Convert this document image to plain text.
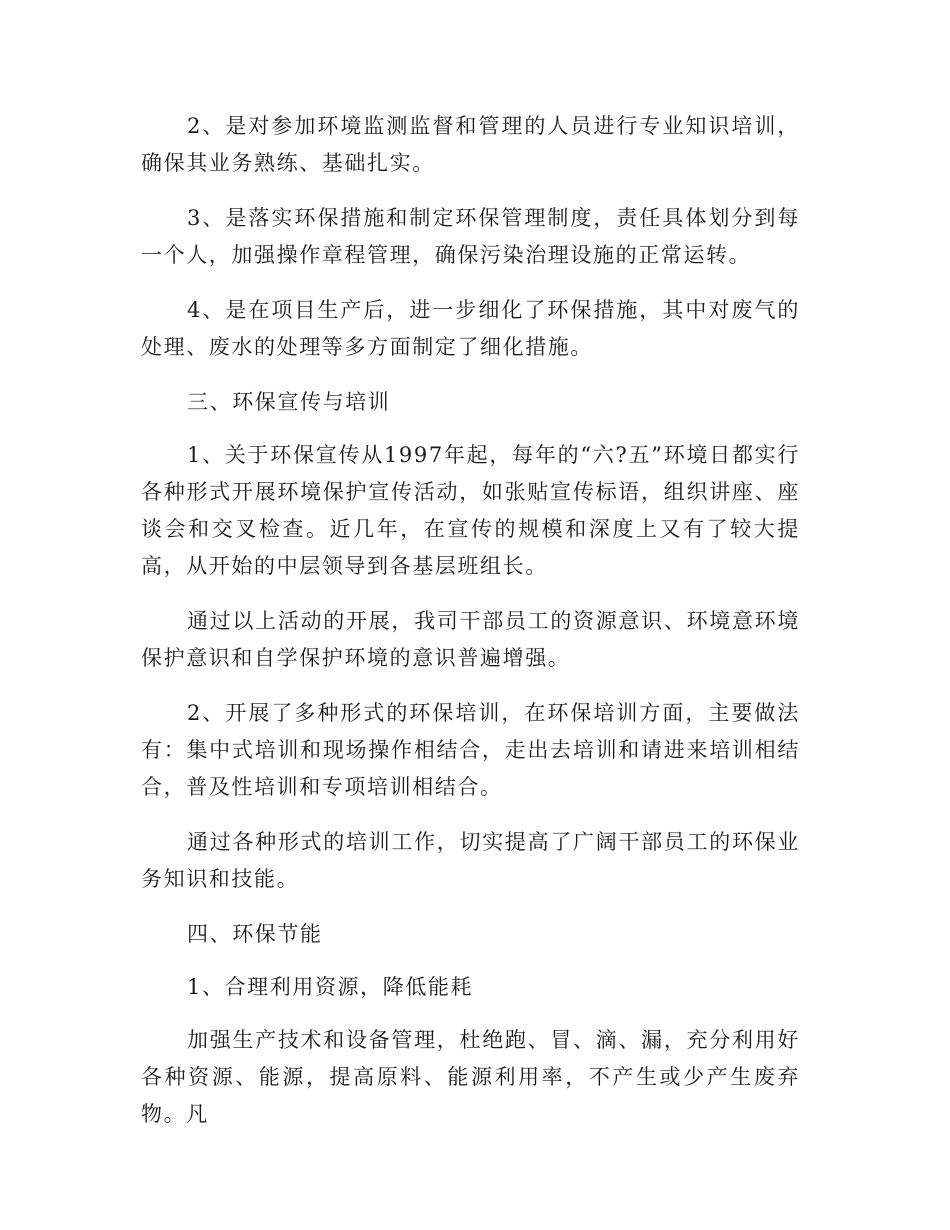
2、是对参加环境监测监督和管理的人员进行专业知识培训，确保其业务熟练、基础扎实。

3、是落实环保措施和制定环保管理制度，责任具体划分到每一个人，加强操作章程管理，确保污染治理设施的正常运转。

4、是在项目生产后，进一步细化了环保措施，其中对废气的处理、废水的处理等多方面制定了细化措施。

三、环保宣传与培训

1、关于环保宣传从1997年起，每年的“六?五”环境日都实行各种形式开展环境保护宣传活动，如张贴宣传标语，组织讲座、座谈会和交叉检查。近几年，在宣传的规模和深度上又有了较大提高，从开始的中层领导到各基层班组长。

通过以上活动的开展，我司干部员工的资源意识、环境意环境保护意识和自学保护环境的意识普遍增强。

2、开展了多种形式的环保培训，在环保培训方面，主要做法有：集中式培训和现场操作相结合，走出去培训和请进来培训相结合，普及性培训和专项培训相结合。

通过各种形式的培训工作，切实提高了广阔干部员工的环保业务知识和技能。

四、环保节能

1、合理利用资源，降低能耗

加强生产技术和设备管理，杜绝跑、冒、滴、漏，充分利用好各种资源、能源，提高原料、能源利用率，不产生或少产生废弃物。凡
